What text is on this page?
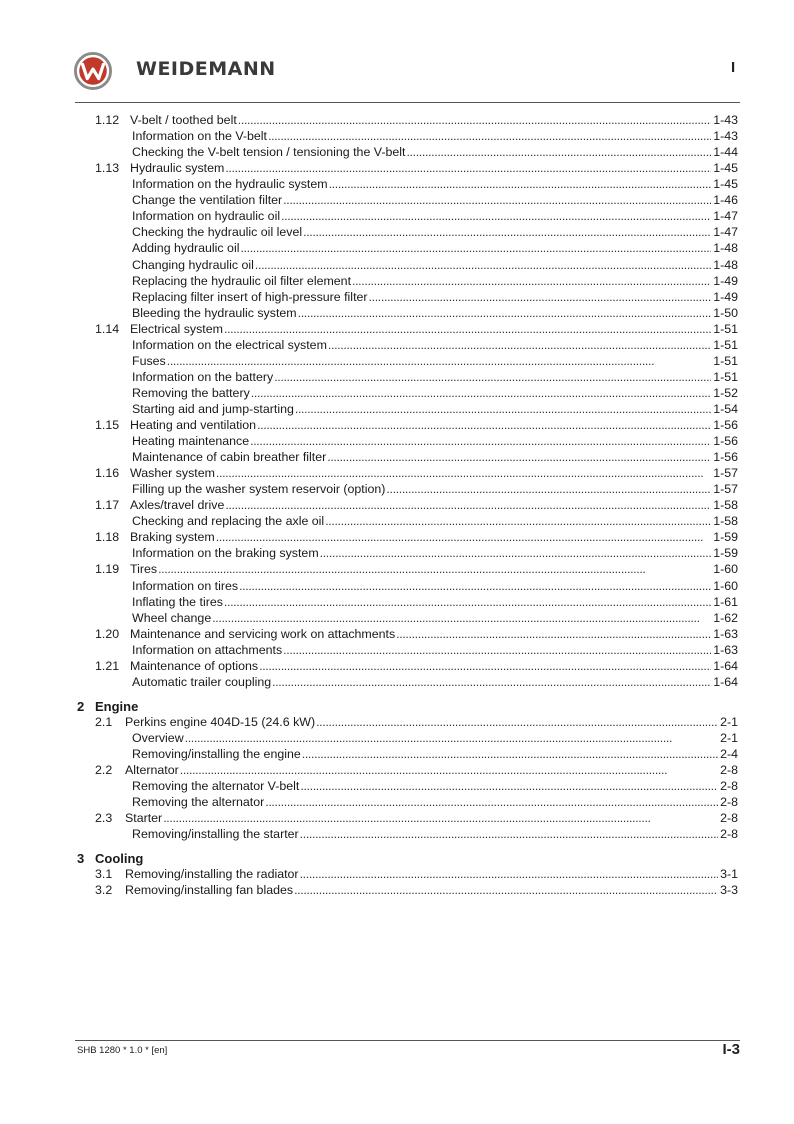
WEIDEMANN	I
1.12 V-belt / toothed belt . . .	1-43
Information on the V-belt . . .	1-43
Checking the V-belt tension / tensioning the V-belt . . .	1-44
1.13 Hydraulic system . . .	1-45
Information on the hydraulic system . . .	1-45
Change the ventilation filter . . .	1-46
Information on hydraulic oil . . .	1-47
Checking the hydraulic oil level . . .	1-47
Adding hydraulic oil . . .	1-48
Changing hydraulic oil . . .	1-48
Replacing the hydraulic oil filter element . . .	1-49
Replacing filter insert of high-pressure filter . . .	1-49
Bleeding the hydraulic system . . .	1-50
1.14 Electrical system . . .	1-51
Information on the electrical system . . .	1-51
Fuses . . .	1-51
Information on the battery . . .	1-51
Removing the battery . . .	1-52
Starting aid and jump-starting . . .	1-54
1.15 Heating and ventilation . . .	1-56
Heating maintenance . . .	1-56
Maintenance of cabin breather filter . . .	1-56
1.16 Washer system . . .	1-57
Filling up the washer system reservoir (option) . . .	1-57
1.17 Axles/travel drive . . .	1-58
Checking and replacing the axle oil . . .	1-58
1.18 Braking system . . .	1-59
Information on the braking system . . .	1-59
1.19 Tires . . .	1-60
Information on tires . . .	1-60
Inflating the tires . . .	1-61
Wheel change . . .	1-62
1.20 Maintenance and servicing work on attachments . . .	1-63
Information on attachments . . .	1-63
1.21 Maintenance of options . . .	1-64
Automatic trailer coupling . . .	1-64
2 Engine
2.1	Perkins engine 404D-15 (24.6 kW) . . .	2-1
Overview . . .	2-1
Removing/installing the engine . . .	2-4
2.2	Alternator . . .	2-8
Removing the alternator V-belt . . .	2-8
Removing the alternator . . .	2-8
2.3	Starter . . .	2-8
Removing/installing the starter . . .	2-8
3 Cooling
3.1	Removing/installing the radiator . . .	3-1
3.2	Removing/installing fan blades . . .	3-3
SHB 1280 * 1.0 * [en]	I-3
